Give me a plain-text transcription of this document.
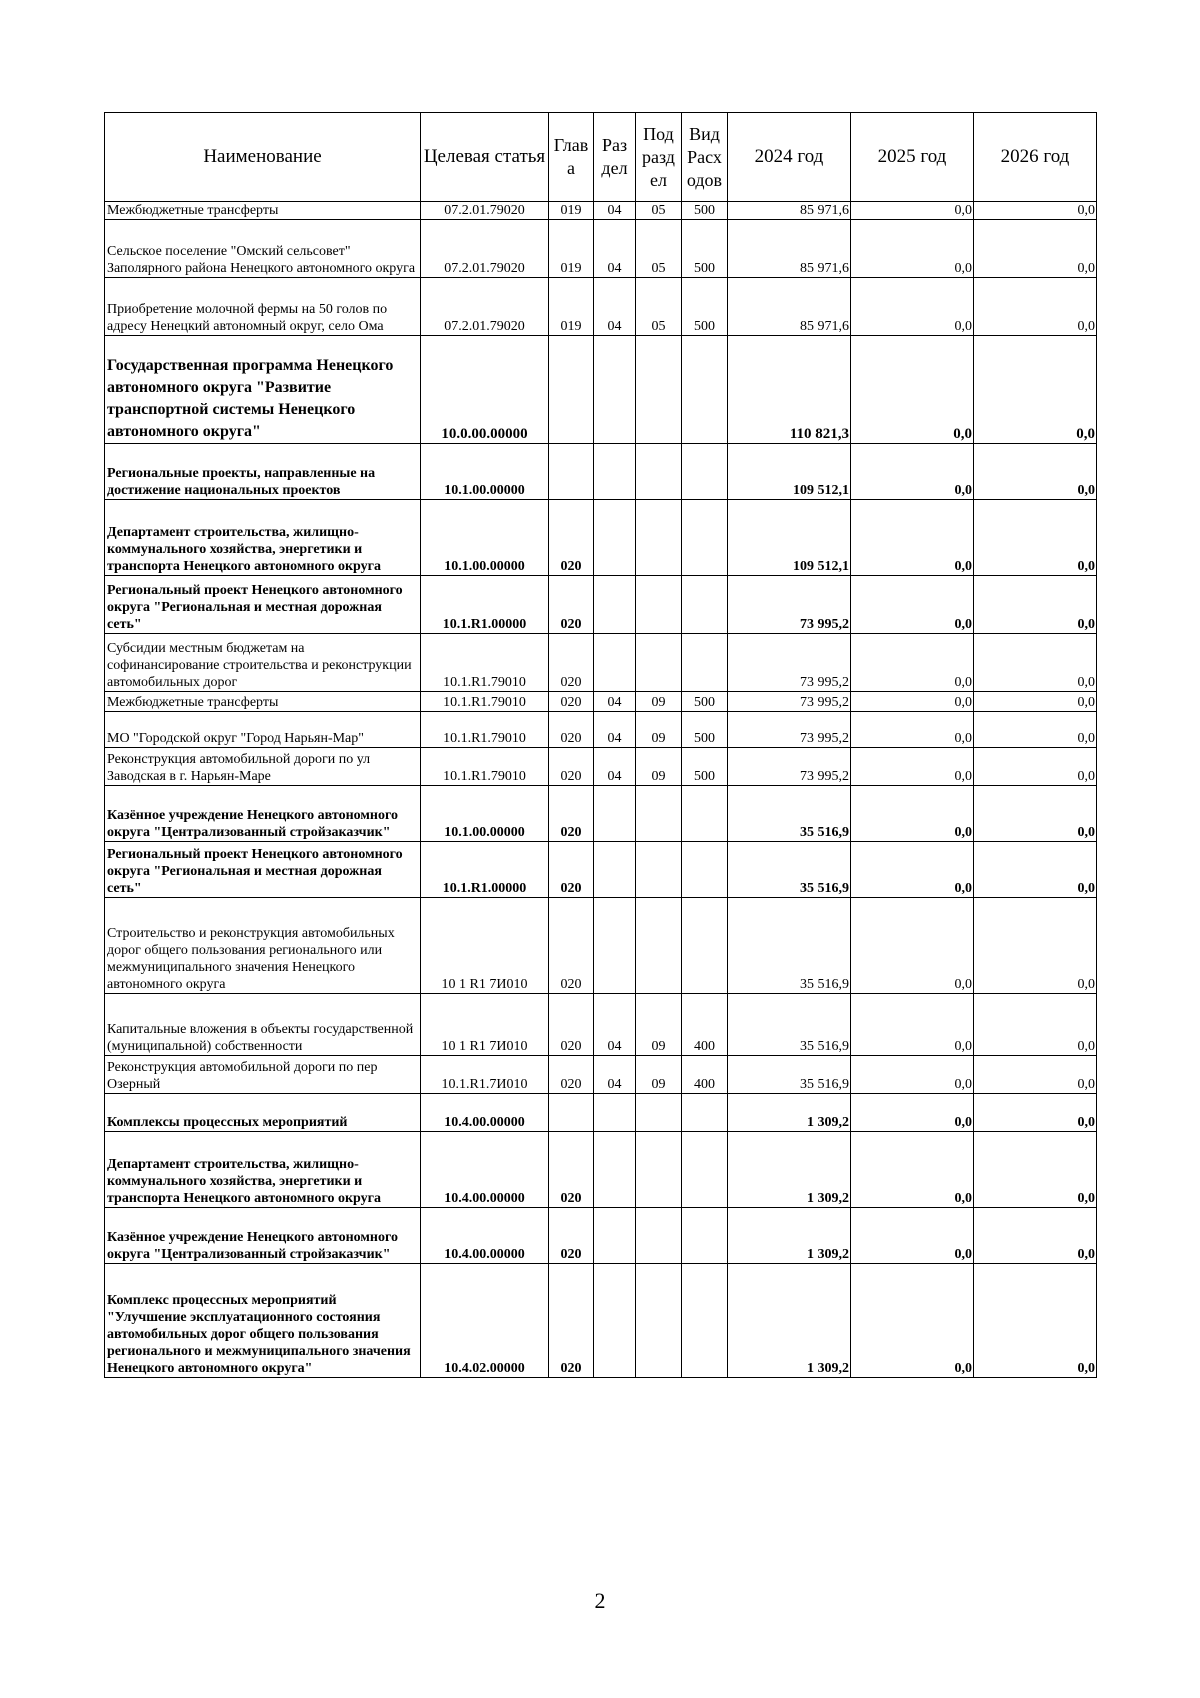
Наименование	Целевая статья	Глав а	Раз дел	Под разд ел	Вид Расх одов	2024 год	2025 год	2026 год
Межбюджетные трансферты	07.2.01.79020	019	04	05	500	85 971,6	0,0	0,0
Сельское поселение "Омский сельсовет" Заполярного района Ненецкого автономного округа	07.2.01.79020	019	04	05	500	85 971,6	0,0	0,0
Приобретение молочной фермы на 50 голов по адресу Ненецкий автономный округ, село Ома	07.2.01.79020	019	04	05	500	85 971,6	0,0	0,0
Государственная программа Ненецкого автономного округа "Развитие транспортной системы Ненецкого автономного округа"	10.0.00.00000					110 821,3	0,0	0,0
Региональные проекты, направленные на достижение национальных проектов	10.1.00.00000					109 512,1	0,0	0,0
Департамент строительства, жилищно-коммунального хозяйства, энергетики и транспорта Ненецкого автономного округа	10.1.00.00000	020				109 512,1	0,0	0,0
Региональный проект Ненецкого автономного округа "Региональная и местная дорожная сеть"	10.1.R1.00000	020				73 995,2	0,0	0,0
Субсидии местным бюджетам на софинансирование строительства и реконструкции автомобильных дорог	10.1.R1.79010	020				73 995,2	0,0	0,0
Межбюджетные трансферты	10.1.R1.79010	020	04	09	500	73 995,2	0,0	0,0
МО "Городской округ "Город Нарьян-Мар"	10.1.R1.79010	020	04	09	500	73 995,2	0,0	0,0
Реконструкция автомобильной дороги по ул Заводская в г. Нарьян-Маре	10.1.R1.79010	020	04	09	500	73 995,2	0,0	0,0
Казённое учреждение Ненецкого автономного округа "Централизованный стройзаказчик"	10.1.00.00000	020				35 516,9	0,0	0,0
Региональный проект Ненецкого автономного округа "Региональная и местная дорожная сеть"	10.1.R1.00000	020				35 516,9	0,0	0,0
Строительство и реконструкция автомобильных дорог общего пользования регионального или межмуниципального значения Ненецкого автономного округа	10 1 R1 7И010	020				35 516,9	0,0	0,0
Капитальные вложения в объекты государственной (муниципальной) собственности	10 1 R1 7И010	020	04	09	400	35 516,9	0,0	0,0
Реконструкция автомобильной дороги по пер Озерный	10.1.R1.7И010	020	04	09	400	35 516,9	0,0	0,0
Комплексы процессных мероприятий	10.4.00.00000					1 309,2	0,0	0,0
Департамент строительства, жилищно-коммунального хозяйства, энергетики и транспорта Ненецкого автономного округа	10.4.00.00000	020				1 309,2	0,0	0,0
Казённое учреждение Ненецкого автономного округа "Централизованный стройзаказчик"	10.4.00.00000	020				1 309,2	0,0	0,0
Комплекс процессных мероприятий "Улучшение эксплуатационного состояния автомобильных дорог общего пользования регионального и межмуниципального значения Ненецкого автономного округа"	10.4.02.00000	020				1 309,2	0,0	0,0
2
